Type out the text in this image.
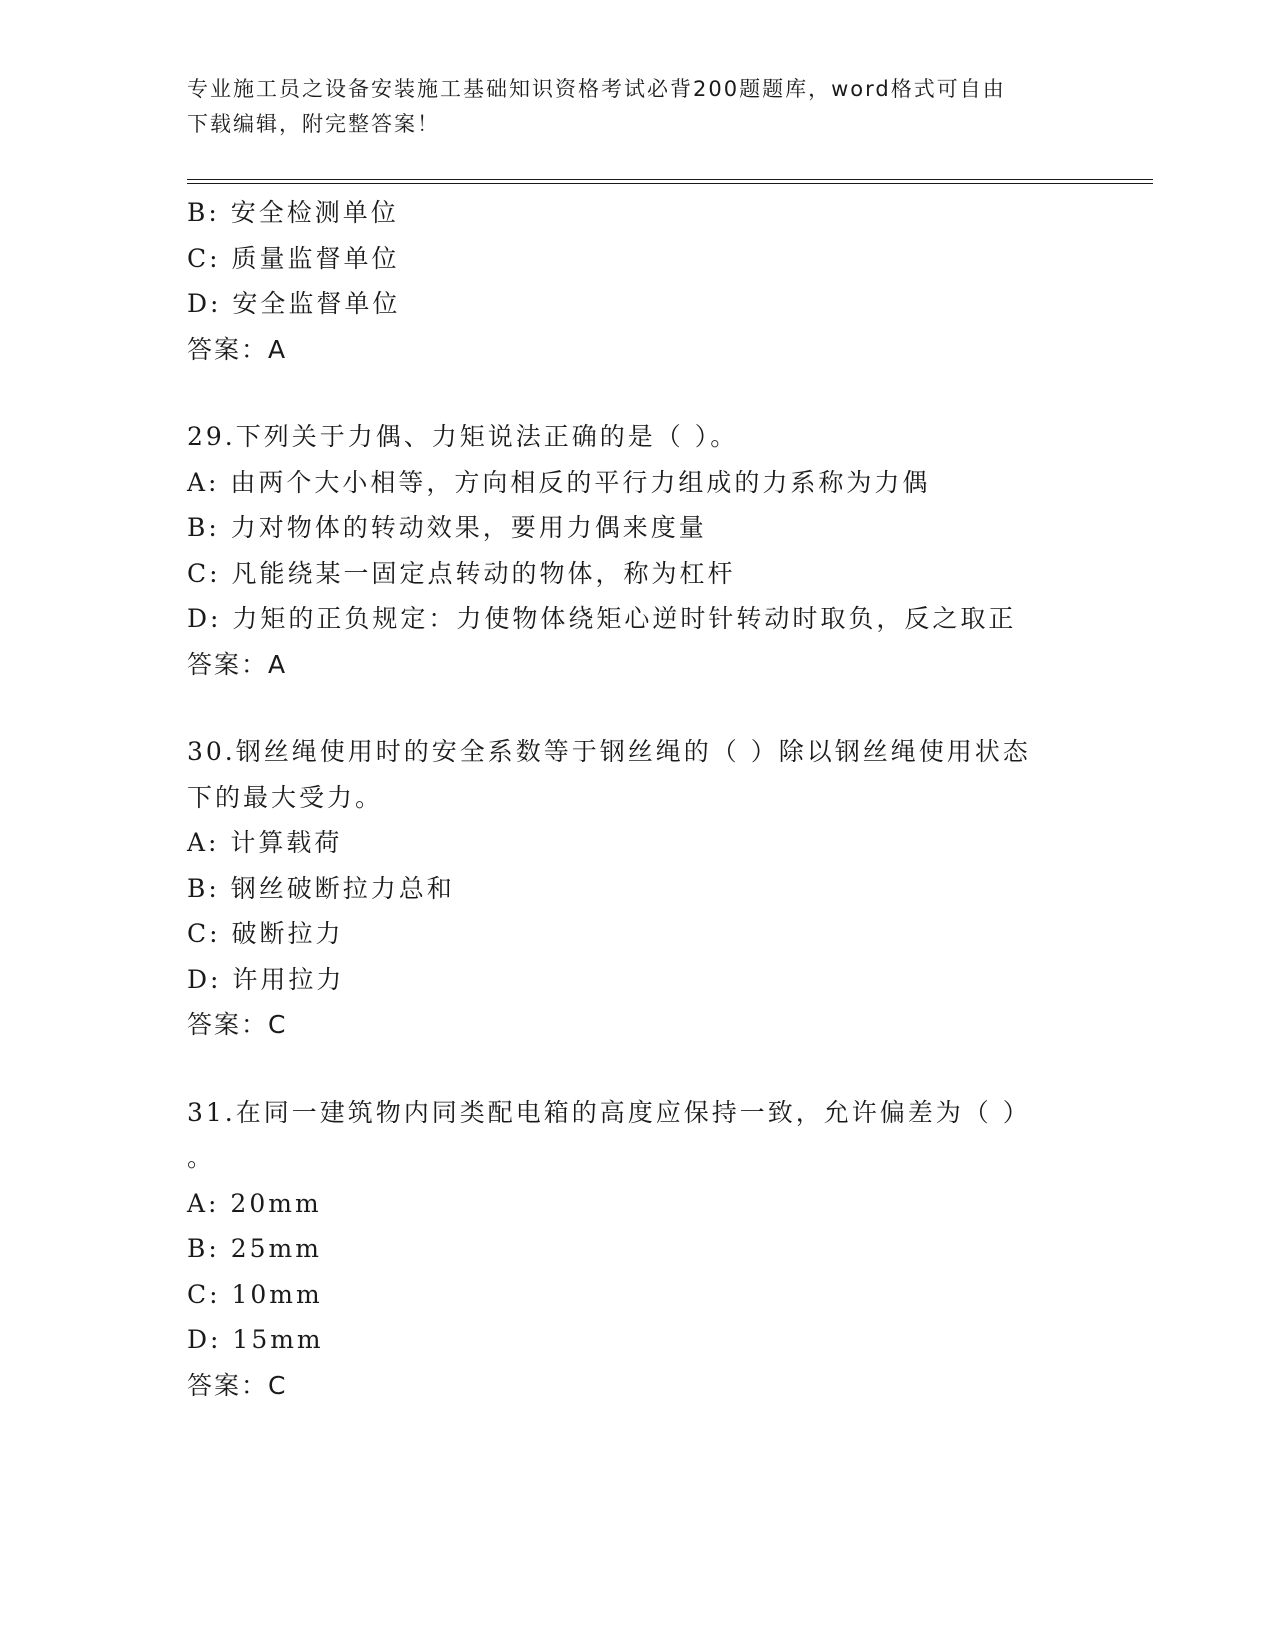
专业施工员之设备安装施工基础知识资格考试必背200题题库，word格式可自由
下载编辑，附完整答案！
B: 安全检测单位
C: 质量监督单位
D: 安全监督单位
答案：A
29.下列关于力偶、力矩说法正确的是（ ）。
A: 由两个大小相等，方向相反的平行力组成的力系称为力偶
B: 力对物体的转动效果，要用力偶来度量
C: 凡能绕某一固定点转动的物体，称为杠杆
D: 力矩的正负规定：力使物体绕矩心逆时针转动时取负，反之取正
答案：A
30.钢丝绳使用时的安全系数等于钢丝绳的（ ）除以钢丝绳使用状态
下的最大受力。
A: 计算载荷
B: 钢丝破断拉力总和
C: 破断拉力
D: 许用拉力
答案：C
31.在同一建筑物内同类配电箱的高度应保持一致，允许偏差为（ ）
。
A: 20mm
B: 25mm
C: 10mm
D: 15mm
答案：C
